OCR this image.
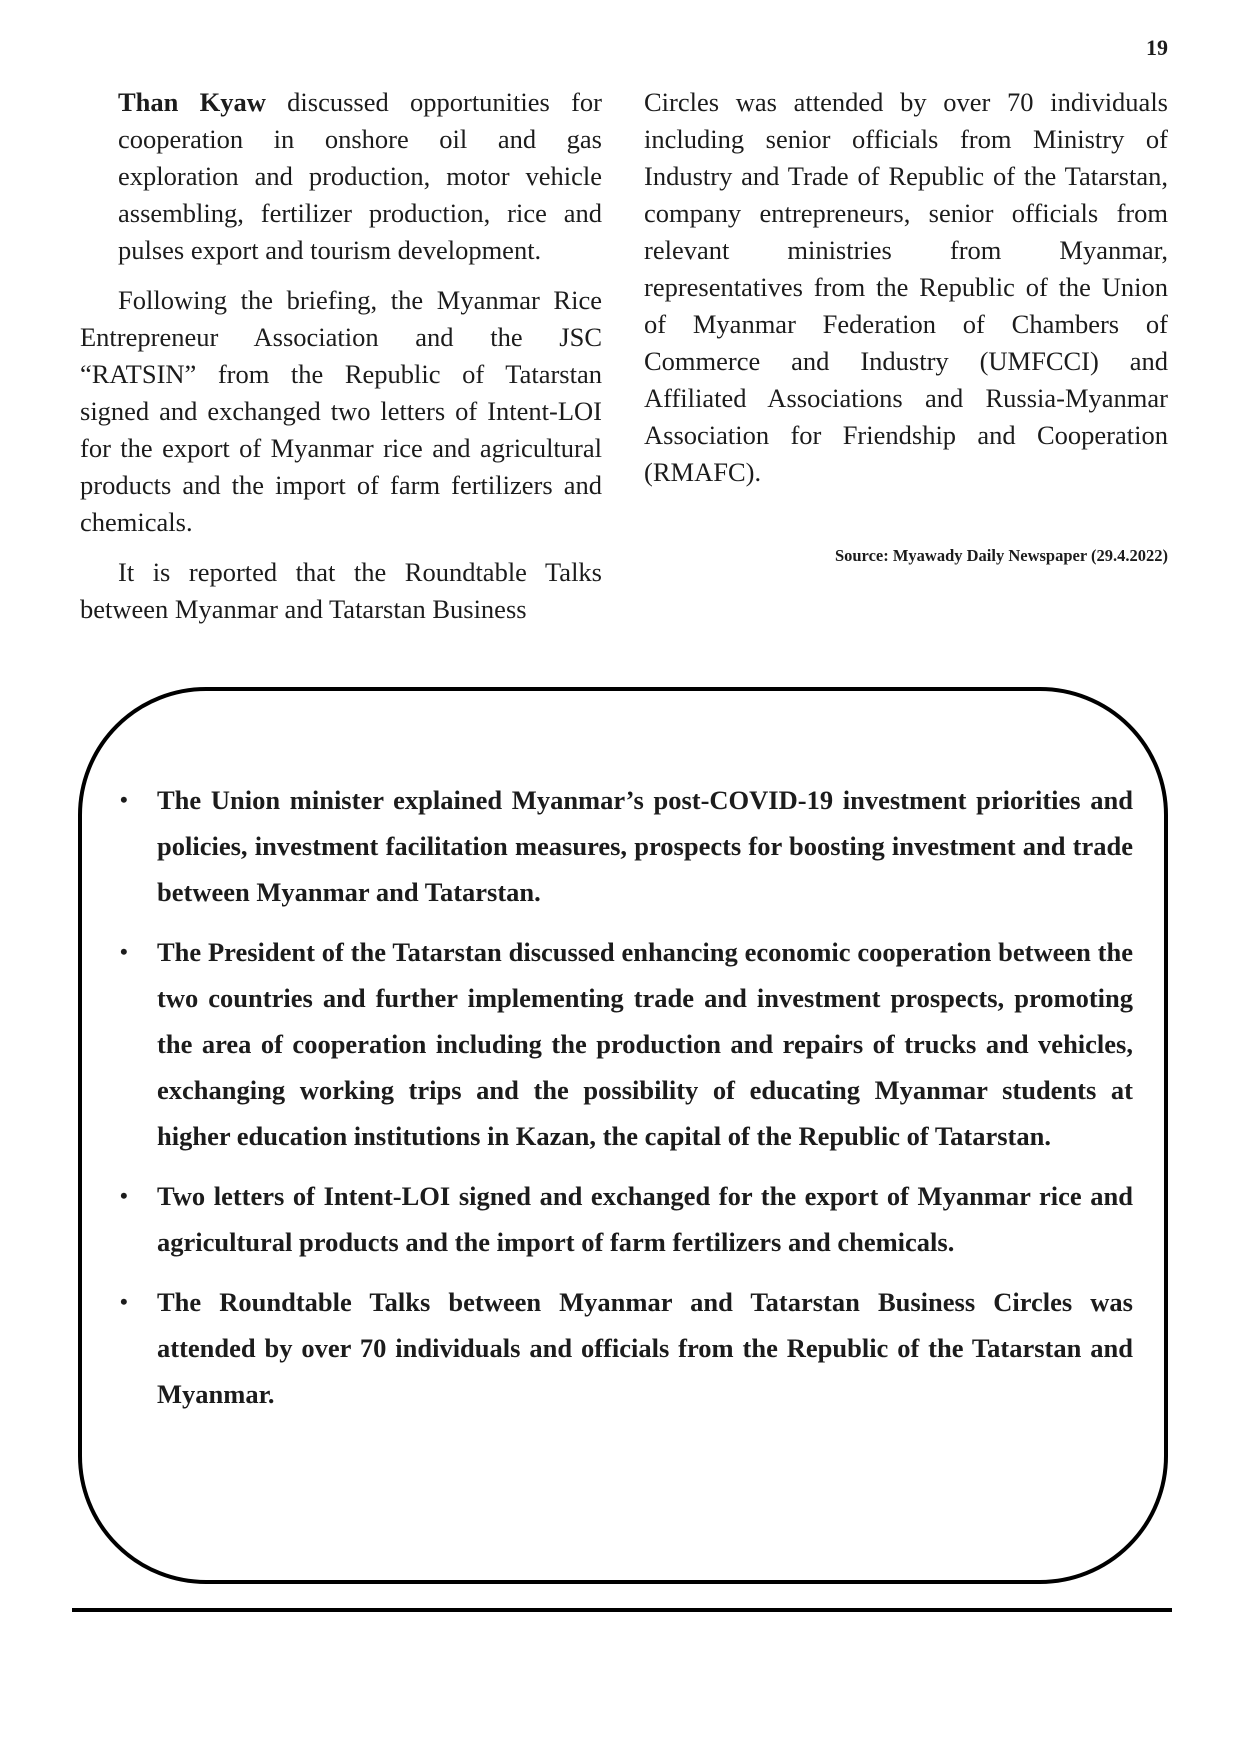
19

Than Kyaw discussed opportunities for cooperation in onshore oil and gas exploration and production, motor vehicle assembling, fertilizer production, rice and pulses export and tourism development.

Following the briefing, the Myanmar Rice Entrepreneur Association and the JSC “RATSIN” from the Republic of Tatarstan signed and exchanged two letters of Intent-LOI for the export of Myanmar rice and agricultural products and the import of farm fertilizers and chemicals.

It is reported that the Roundtable Talks between Myanmar and Tatarstan Business

Circles was attended by over 70 individuals including senior officials from Ministry of Industry and Trade of Republic of the Tatarstan, company entrepreneurs, senior officials from relevant ministries from Myanmar, representatives from the Republic of the Union of Myanmar Federation of Chambers of Commerce and Industry (UMFCCI) and Affiliated Associations and Russia-Myanmar Association for Friendship and Cooperation (RMAFC).

Source: Myawady Daily Newspaper (29.4.2022)
• The Union minister explained Myanmar’s post-COVID-19 investment priorities and policies, investment facilitation measures, prospects for boosting investment and trade between Myanmar and Tatarstan.
• The President of the Tatarstan discussed enhancing economic cooperation between the two countries and further implementing trade and investment prospects, promoting the area of cooperation including the production and repairs of trucks and vehicles, exchanging working trips and the possibility of educating Myanmar students at higher education institutions in Kazan, the capital of the Republic of Tatarstan.
• Two letters of Intent-LOI signed and exchanged for the export of Myanmar rice and agricultural products and the import of farm fertilizers and chemicals.
• The Roundtable Talks between Myanmar and Tatarstan Business Circles was attended by over 70 individuals and officials from the Republic of the Tatarstan and Myanmar.
